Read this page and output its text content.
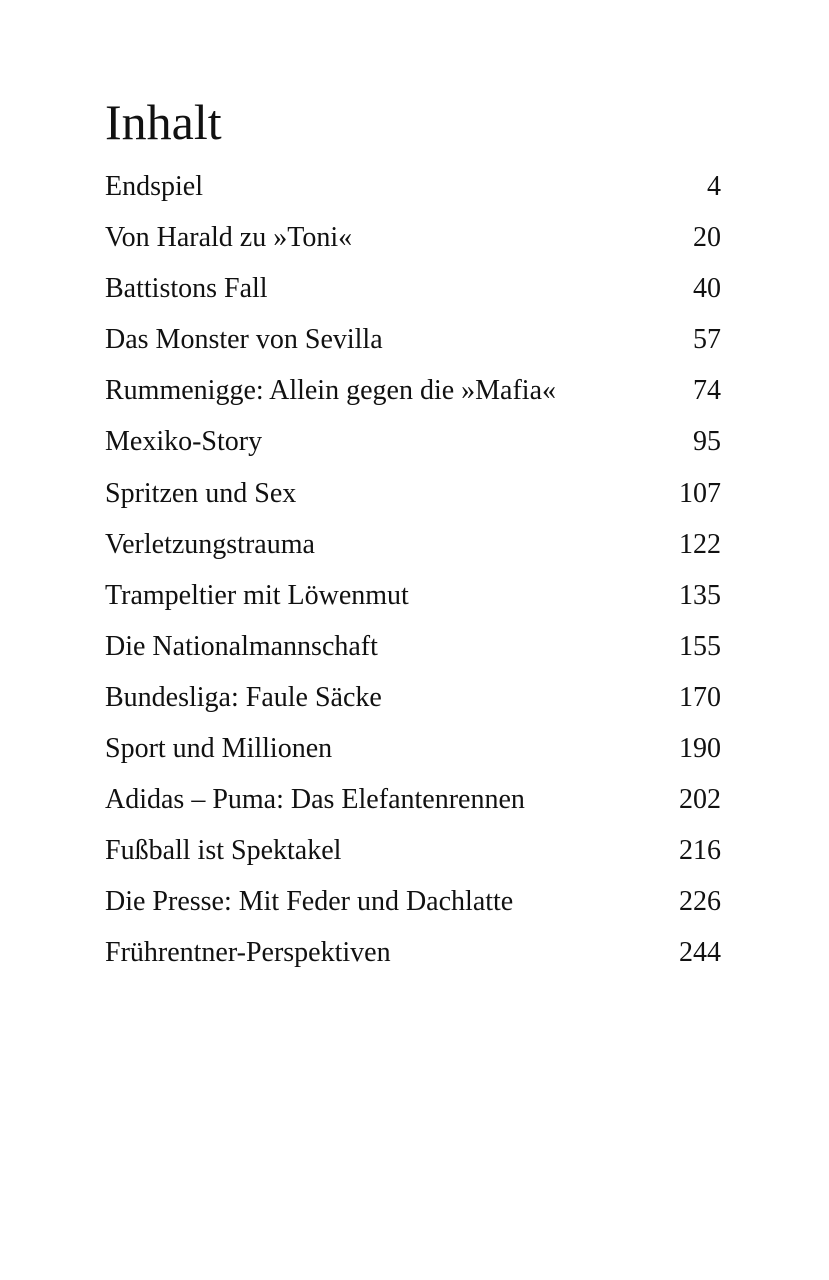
Inhalt
Endspiel	4
Von Harald zu »Toni«	20
Battistons Fall	40
Das Monster von Sevilla	57
Rummenigge: Allein gegen die »Mafia«	74
Mexiko-Story	95
Spritzen und Sex	107
Verletzungstrauma	122
Trampeltier mit Löwenmut	135
Die Nationalmannschaft	155
Bundesliga: Faule Säcke	170
Sport und Millionen	190
Adidas – Puma: Das Elefantenrennen	202
Fußball ist Spektakel	216
Die Presse: Mit Feder und Dachlatte	226
Frührentner-Perspektiven	244
